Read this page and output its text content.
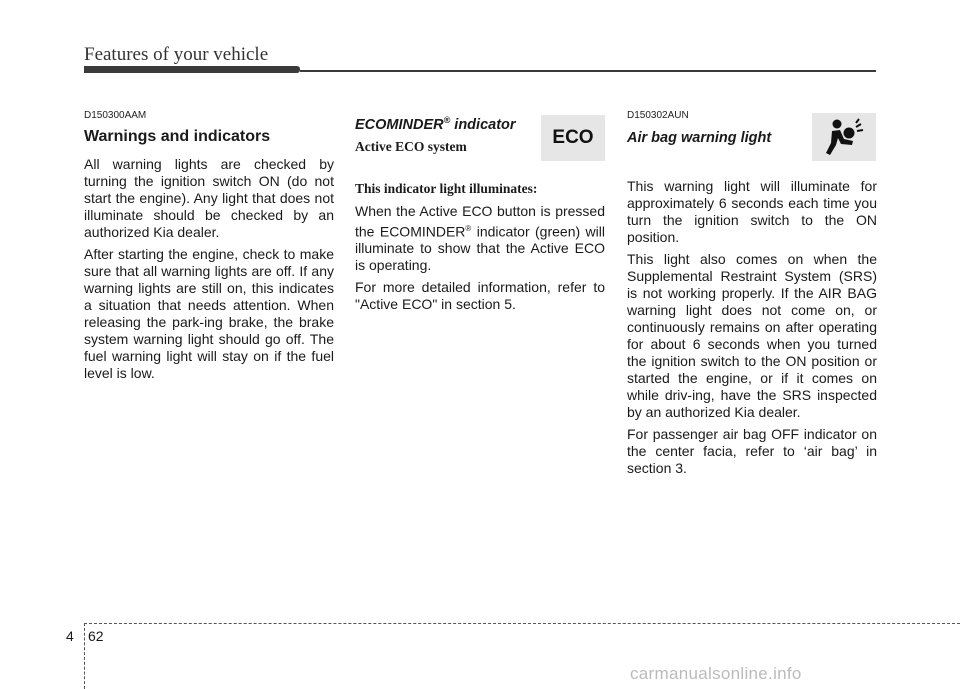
Features of your vehicle
D150300AAM
Warnings and indicators

All warning lights are checked by turning the ignition switch ON (do not start the engine). Any light that does not illuminate should be checked by an authorized Kia dealer.

After starting the engine, check to make sure that all warning lights are off. If any warning lights are still on, this indicates a situation that needs attention. When releasing the park-ing brake, the brake system warning light should go off. The fuel warning light will stay on if the fuel level is low.

ECOMINDER® indicator
Active ECO system
This indicator light illuminates:

When the Active ECO button is pressed the ECOMINDER® indicator (green) will illuminate to show that the Active ECO is operating.

For more detailed information, refer to "Active ECO" in section 5.

ECO
D150302AUN
Air bag warning light

This warning light will illuminate for approximately 6 seconds each time you turn the ignition switch to the ON position.

This light also comes on when the Supplemental Restraint System (SRS) is not working properly. If the AIR BAG warning light does not come on, or continuously remains on after operating for about 6 seconds when you turned the ignition switch to the ON position or started the engine, or if it comes on while driv-ing, have the SRS inspected by an authorized Kia dealer.

For passenger air bag OFF indicator on the center facia, refer to ‘air bag’ in section 3.

4 62
carmanualsonline.info
